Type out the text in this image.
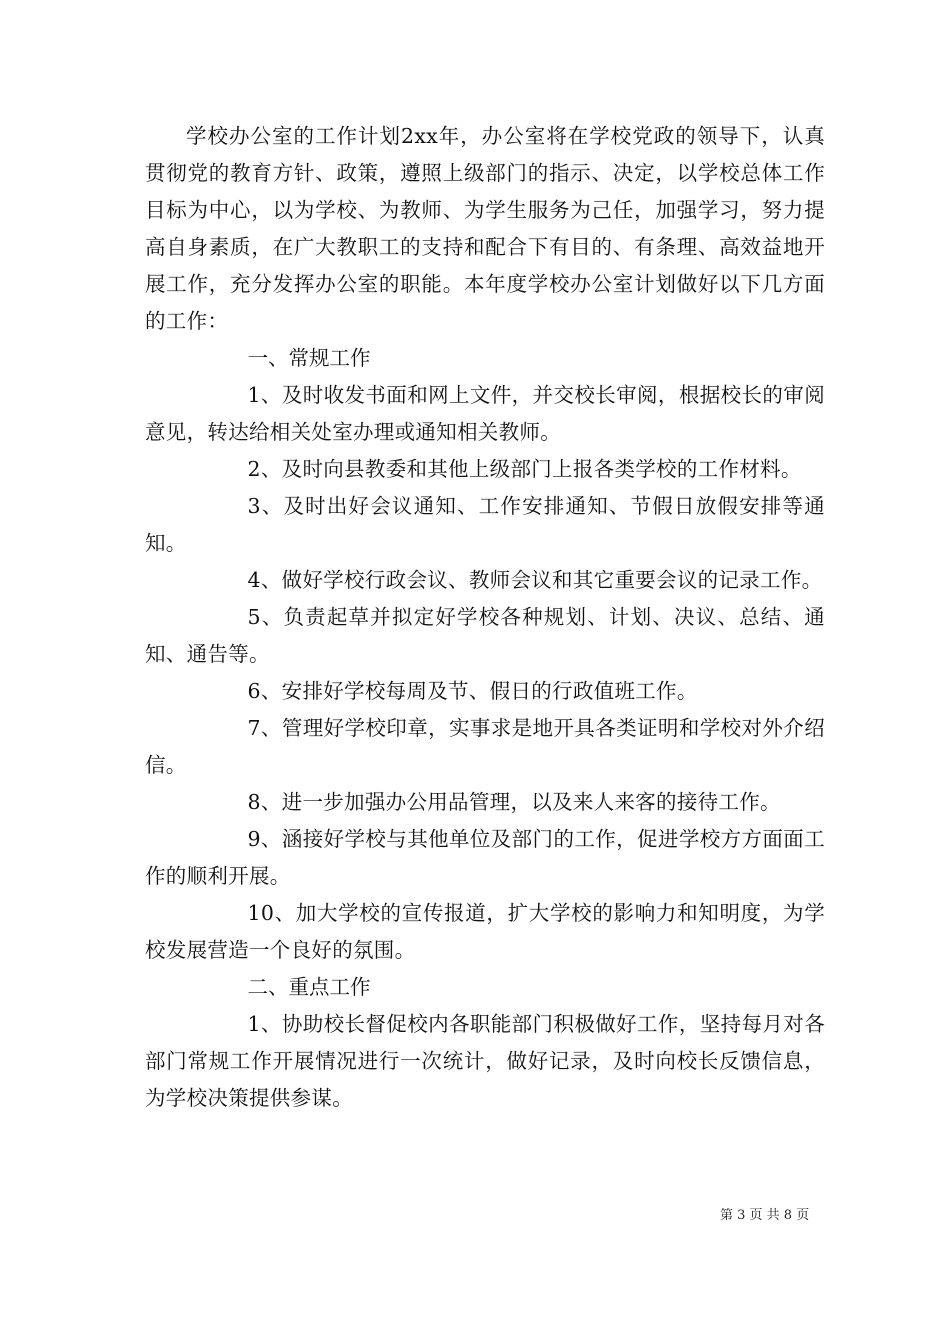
学校办公室的工作计划2xx年，办公室将在学校党政的领导下，认真贯彻党的教育方针、政策，遵照上级部门的指示、决定，以学校总体工作目标为中心，以为学校、为教师、为学生服务为己任，加强学习，努力提高自身素质，在广大教职工的支持和配合下有目的、有条理、高效益地开展工作，充分发挥办公室的职能。本年度学校办公室计划做好以下几方面的工作：

一、常规工作

1、及时收发书面和网上文件，并交校长审阅，根据校长的审阅意见，转达给相关处室办理或通知相关教师。

2、及时向县教委和其他上级部门上报各类学校的工作材料。

3、及时出好会议通知、工作安排通知、节假日放假安排等通知。

4、做好学校行政会议、教师会议和其它重要会议的记录工作。

5、负责起草并拟定好学校各种规划、计划、决议、总结、通知、通告等。

6、安排好学校每周及节、假日的行政值班工作。

7、管理好学校印章，实事求是地开具各类证明和学校对外介绍信。

8、进一步加强办公用品管理，以及来人来客的接待工作。

9、涵接好学校与其他单位及部门的工作，促进学校方方面面工作的顺利开展。

10、加大学校的宣传报道，扩大学校的影响力和知明度，为学校发展营造一个良好的氛围。

二、重点工作

1、协助校长督促校内各职能部门积极做好工作，坚持每月对各部门常规工作开展情况进行一次统计，做好记录，及时向校长反馈信息，为学校决策提供参谋。

第 3 页 共 8 页
